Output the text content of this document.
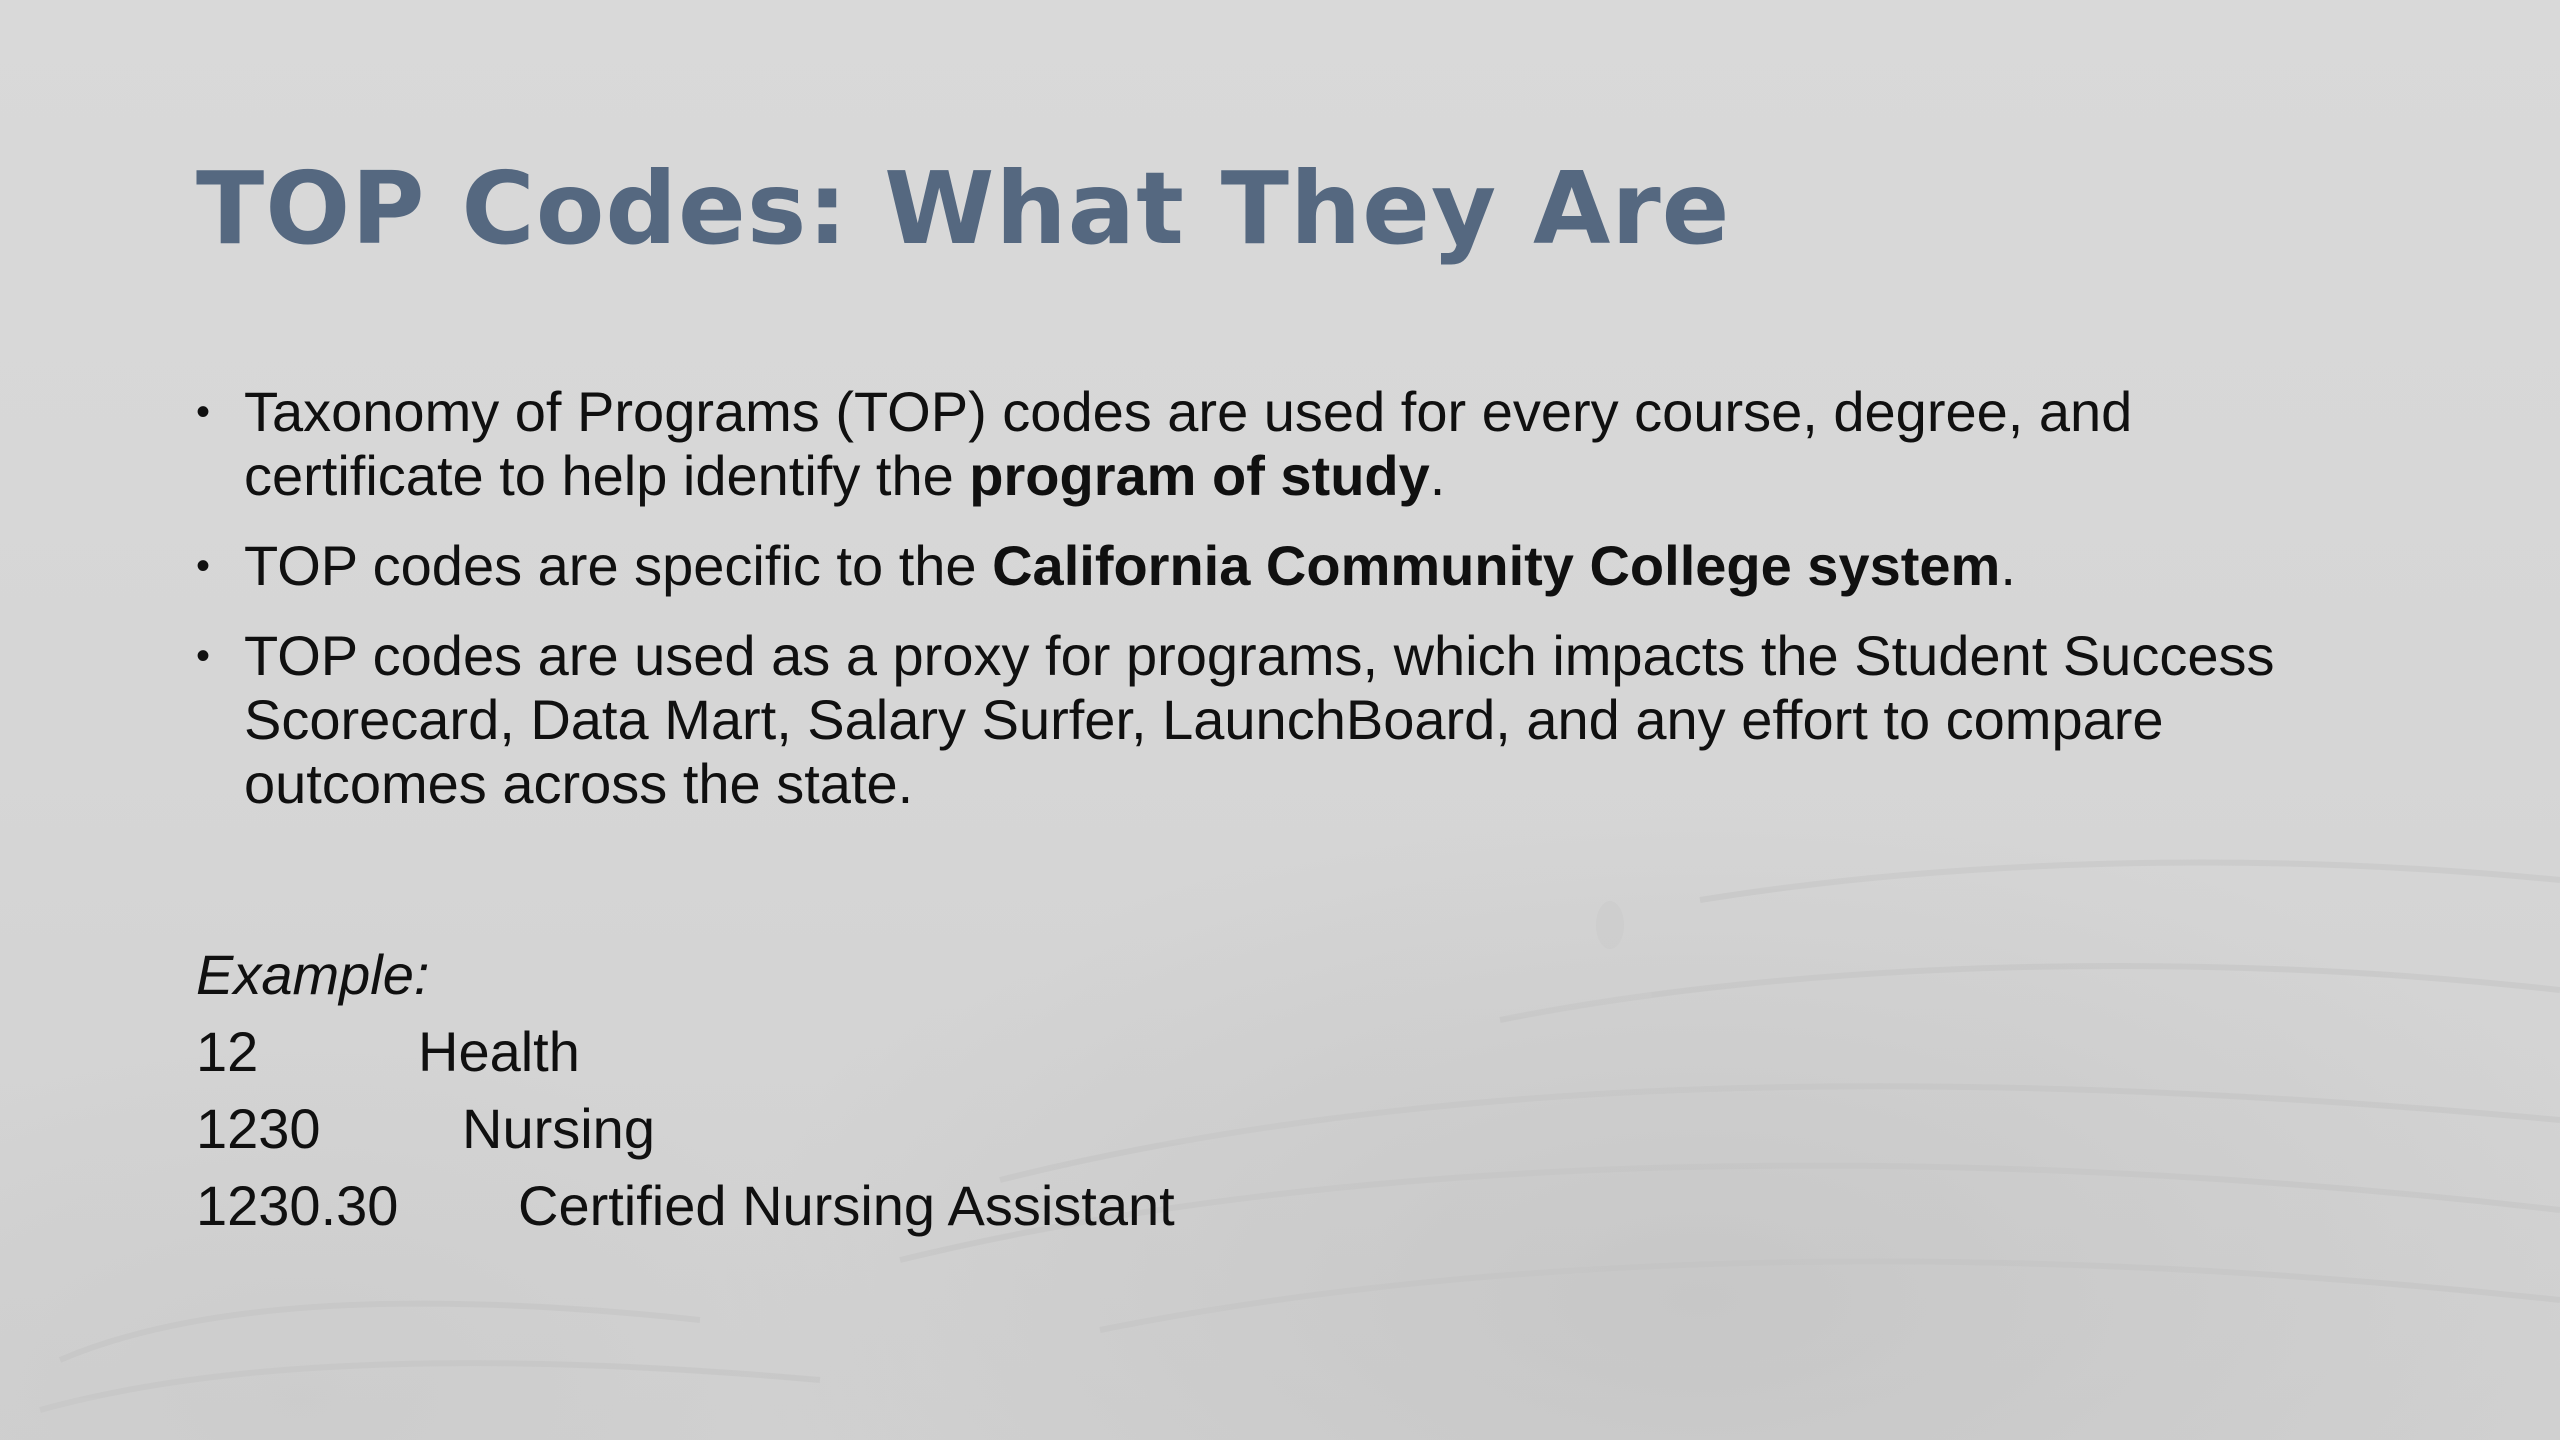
TOP Codes: What They Are
• Taxonomy of Programs (TOP) codes are used for every course, degree, and certificate to help identify the program of study.
• TOP codes are specific to the California Community College system.
• TOP codes are used as a proxy for programs, which impacts the Student Success Scorecard, Data Mart, Salary Surfer, LaunchBoard, and any effort to compare outcomes across the state.
Example:
12	Health
1230	Nursing
1230.30 Certified Nursing Assistant
